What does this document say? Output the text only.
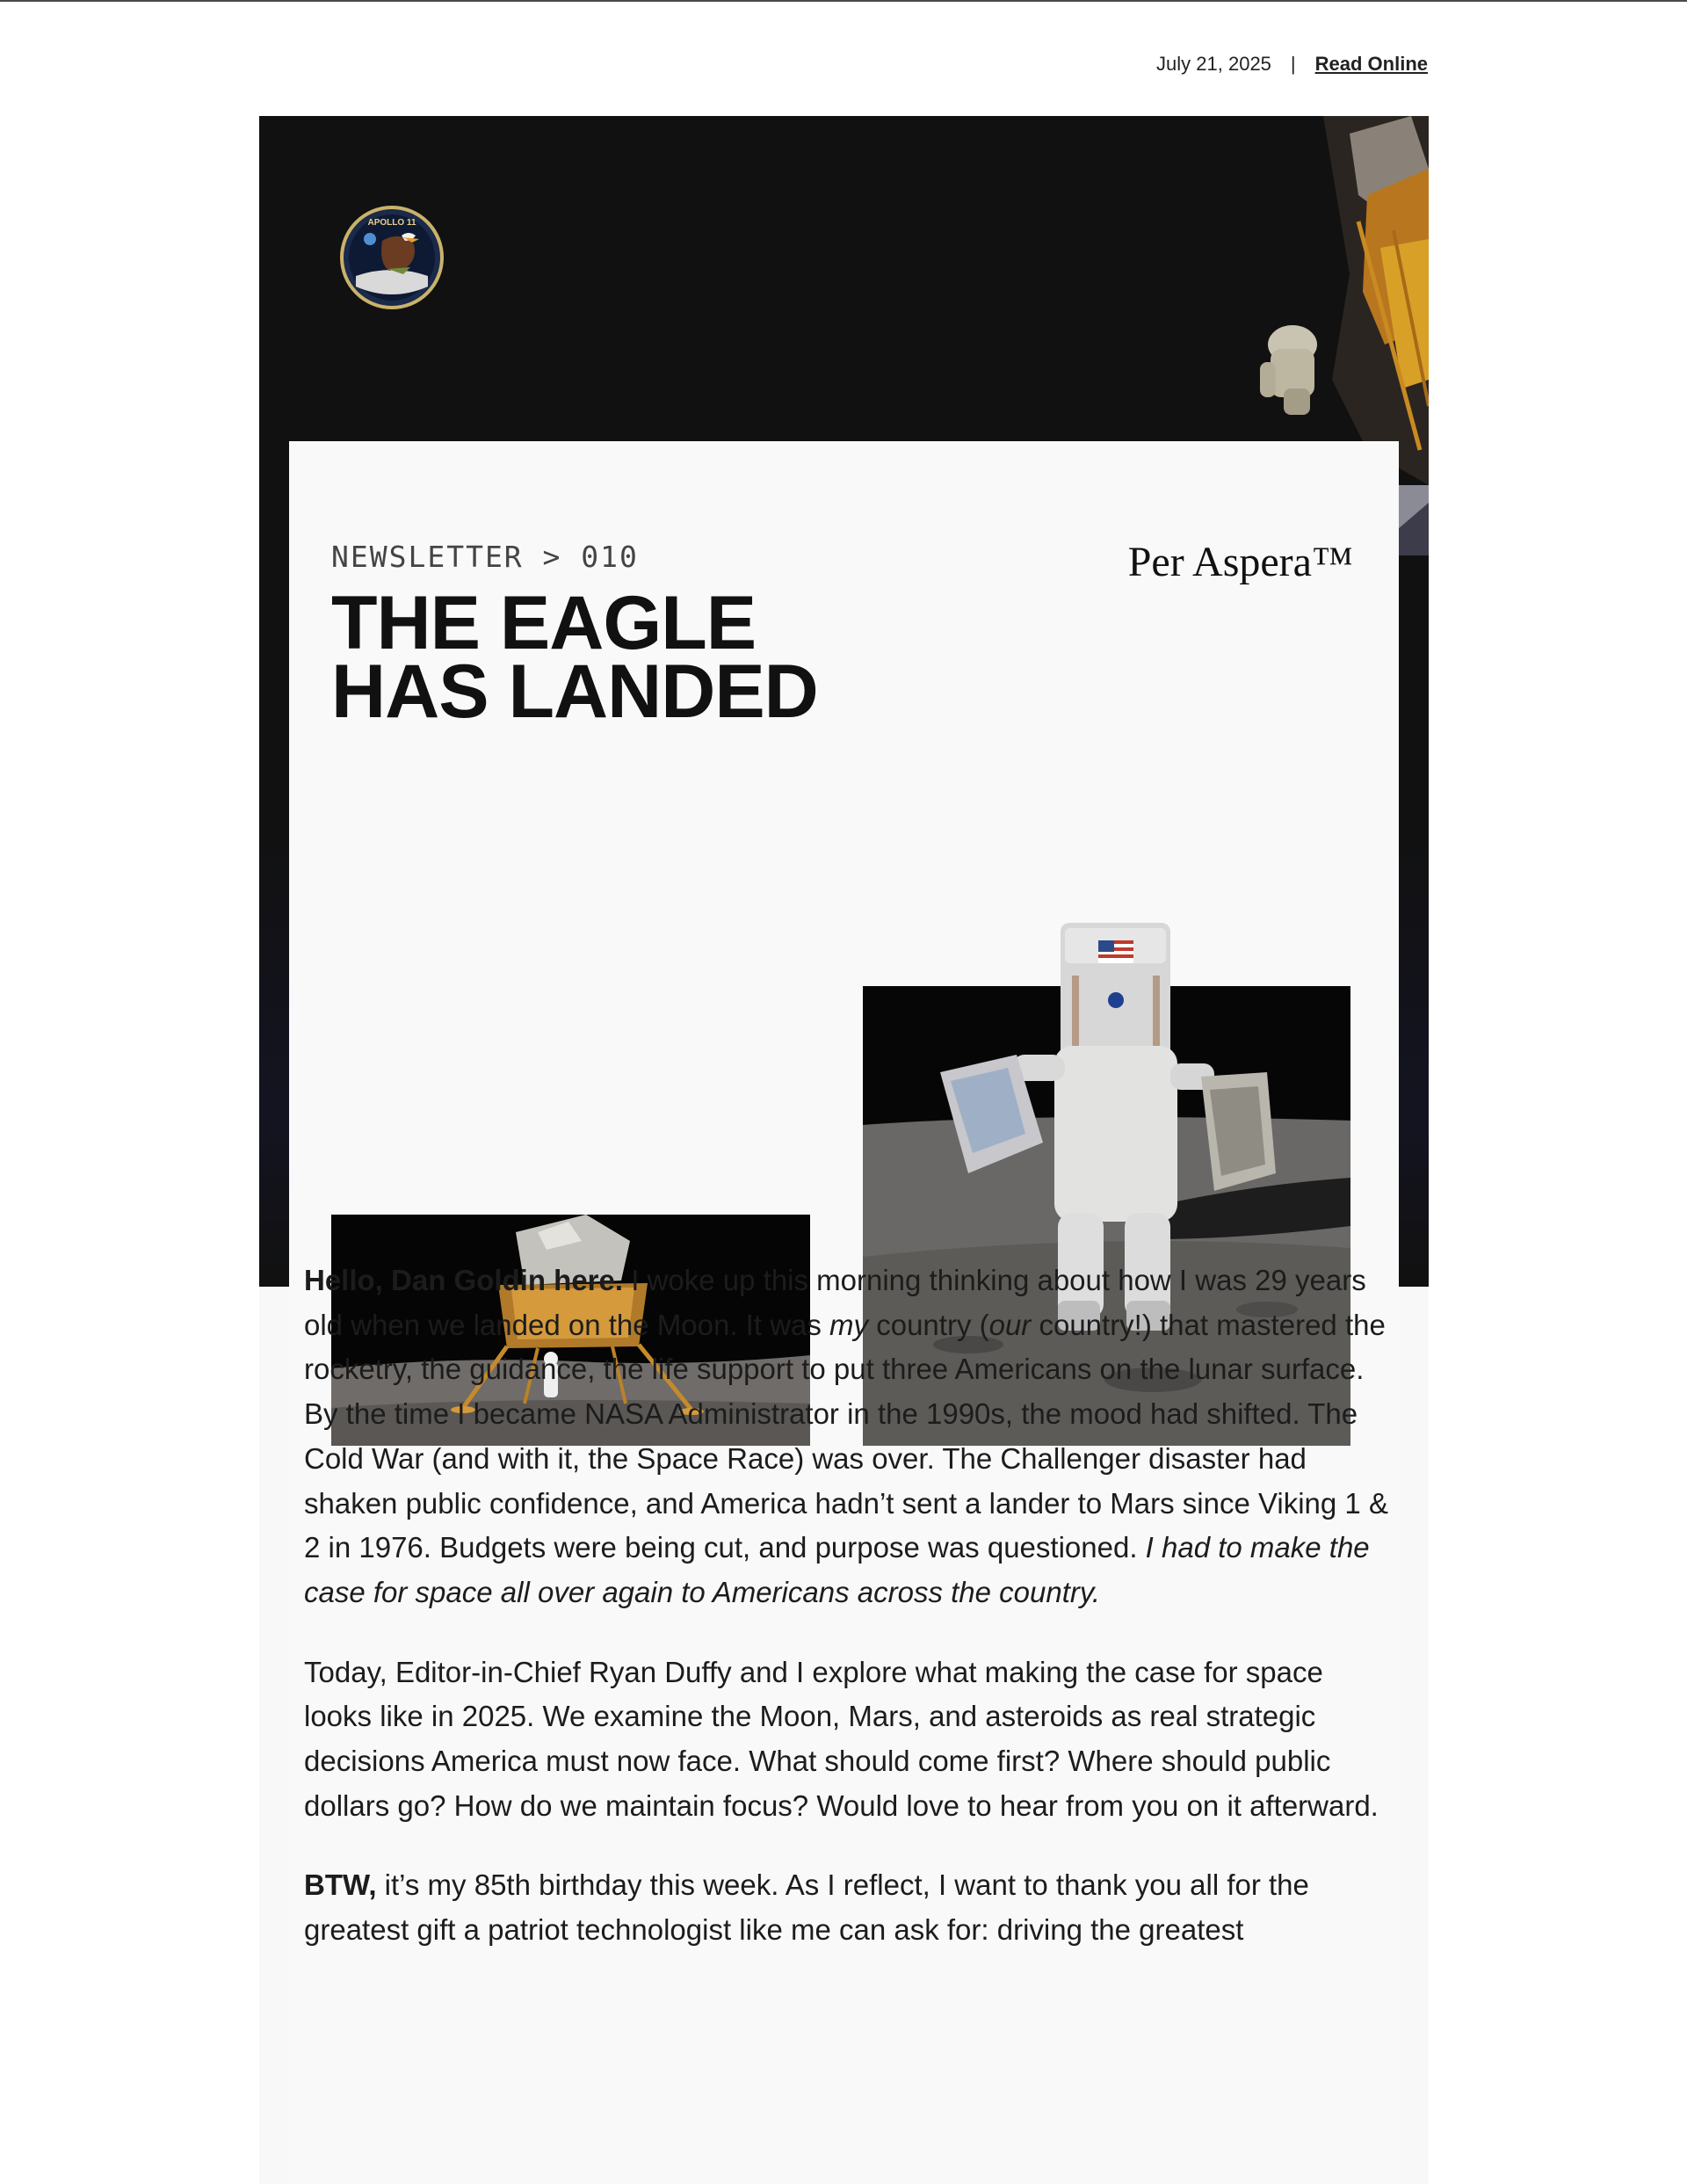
July 21, 2025 | Read Online
APOLLO 11
NEWSLETTER > 010
THE EAGLE
HAS LANDED
Per Aspera™

Hello, Dan Goldin here. I woke up this morning thinking about how I was 29 years old when we landed on the Moon. It was my country (our country!) that mastered the rocketry, the guidance, the life support to put three Americans on the lunar surface. By the time I became NASA Administrator in the 1990s, the mood had shifted. The Cold War (and with it, the Space Race) was over. The Challenger disaster had shaken public confidence, and America hadn’t sent a lander to Mars since Viking 1 & 2 in 1976. Budgets were being cut, and purpose was questioned. I had to make the case for space all over again to Americans across the country.

Today, Editor-in-Chief Ryan Duffy and I explore what making the case for space looks like in 2025. We examine the Moon, Mars, and asteroids as real strategic decisions America must now face. What should come first? Where should public dollars go? How do we maintain focus? Would love to hear from you on it afterward.

BTW, it’s my 85th birthday this week. As I reflect, I want to thank you all for the greatest gift a patriot technologist like me can ask for: driving the greatest
